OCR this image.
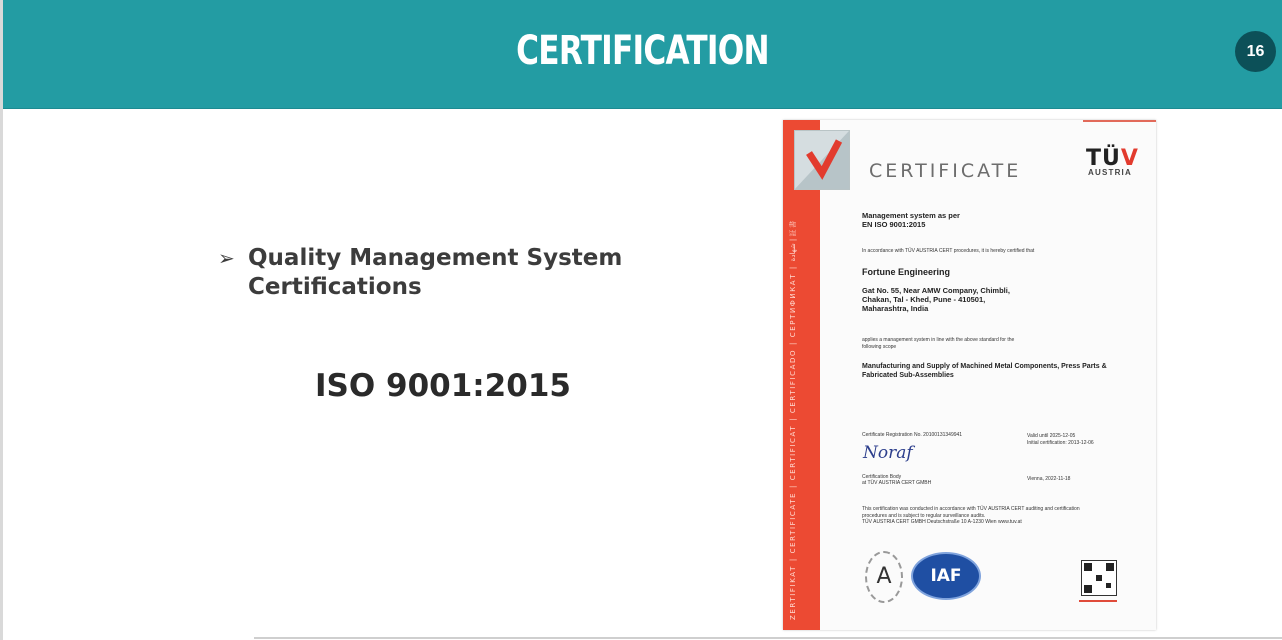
CERTIFICATION	16
➢ Quality Management System Certifications
ISO 9001:2015	ZERTIFIKAT | CERTIFICATE | CERTIFICAT | CERTIFICADO | СЕРТИФИКАТ | شهادة | 証書
CERTIFICATE	TÜV
AUSTRIA
Management system as per
EN ISO 9001:2015
In accordance with TÜV AUSTRIA CERT procedures, it is hereby certified that
Fortune Engineering
Gat No. 55, Near AMW Company, Chimbli,
Chakan, Tal - Khed, Pune - 410501,
Maharashtra, India
applies a management system in line with the above standard for the
following scope
Manufacturing and Supply of Machined Metal Components, Press Parts &
Fabricated Sub-Assemblies
Certificate Registration No. 20100131349941	Valid until 2025-12-05
Initial certification: 2013-12-06
Noraf
Certification Body
at TÜV AUSTRIA CERT GMBH
Vienna, 2022-11-18
This certification was conducted in accordance with TÜV AUSTRIA CERT auditing and certification
procedures and is subject to regular surveillance audits.
TÜV AUSTRIA CERT GMBH Deutschstraße 10 A-1230 Wien www.tuv.at
A	IAF
